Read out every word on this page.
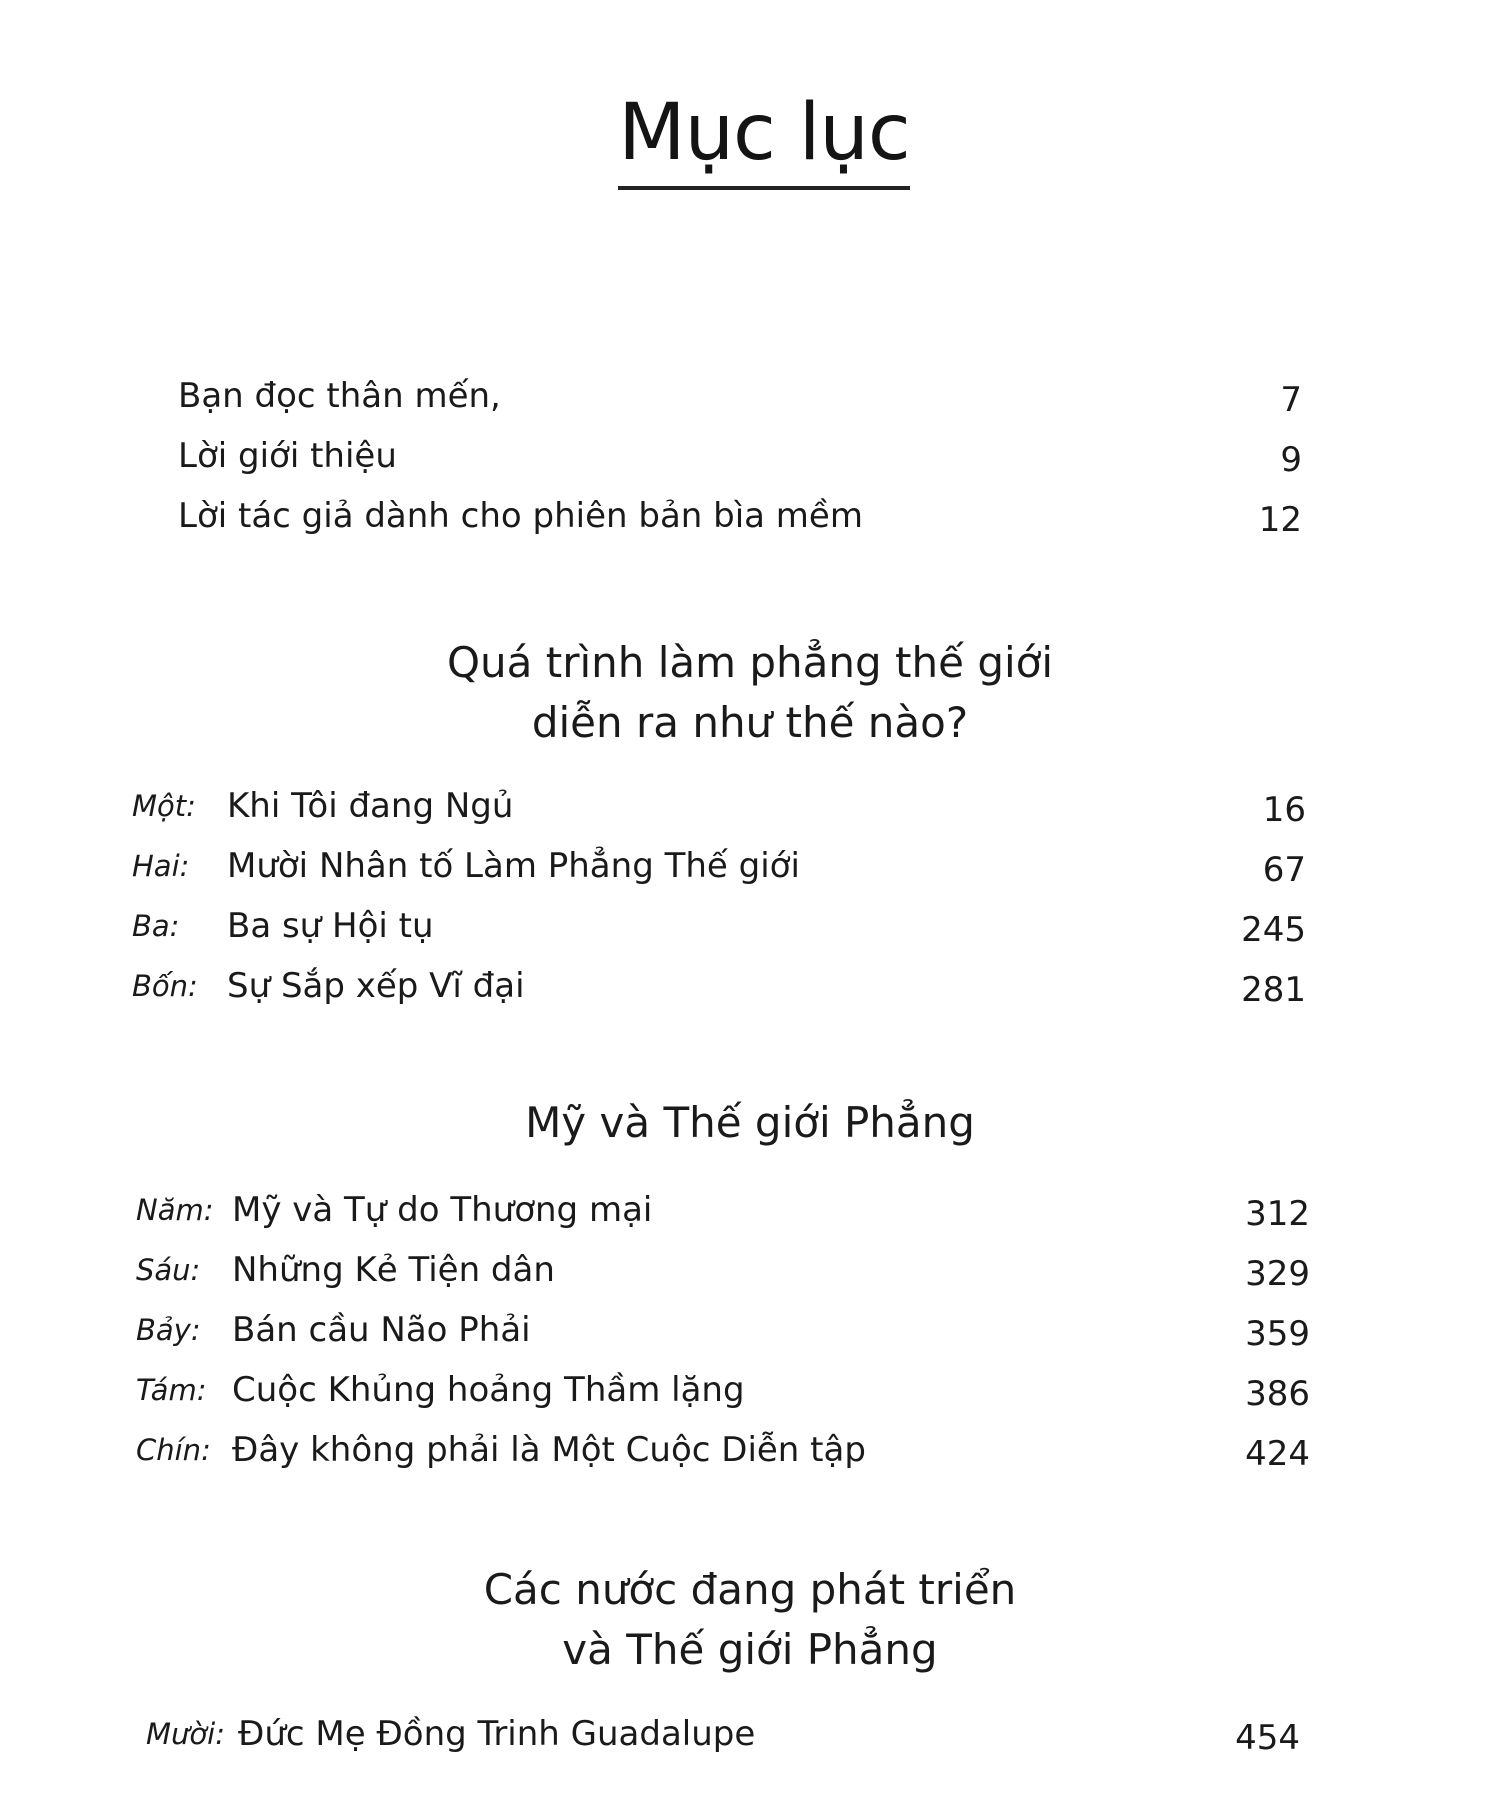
Mục lục
Bạn đọc thân mến,	7
Lời giới thiệu	9
Lời tác giả dành cho phiên bản bìa mềm	12
Quá trình làm phẳng thế giới
diễn ra như thế nào?
Một: Khi Tôi đang Ngủ	16
Hai: Mười Nhân tố Làm Phẳng Thế giới	67
Ba: Ba sự Hội tụ	245
Bốn: Sự Sắp xếp Vĩ đại	281
Mỹ và Thế giới Phẳng
Năm: Mỹ và Tự do Thương mại	312
Sáu: Những Kẻ Tiện dân	329
Bảy: Bán cầu Não Phải	359
Tám: Cuộc Khủng hoảng Thầm lặng	386
Chín: Đây không phải là Một Cuộc Diễn tập	424
Các nước đang phát triển
và Thế giới Phẳng
Mười: Đức Mẹ Đồng Trinh Guadalupe	454
